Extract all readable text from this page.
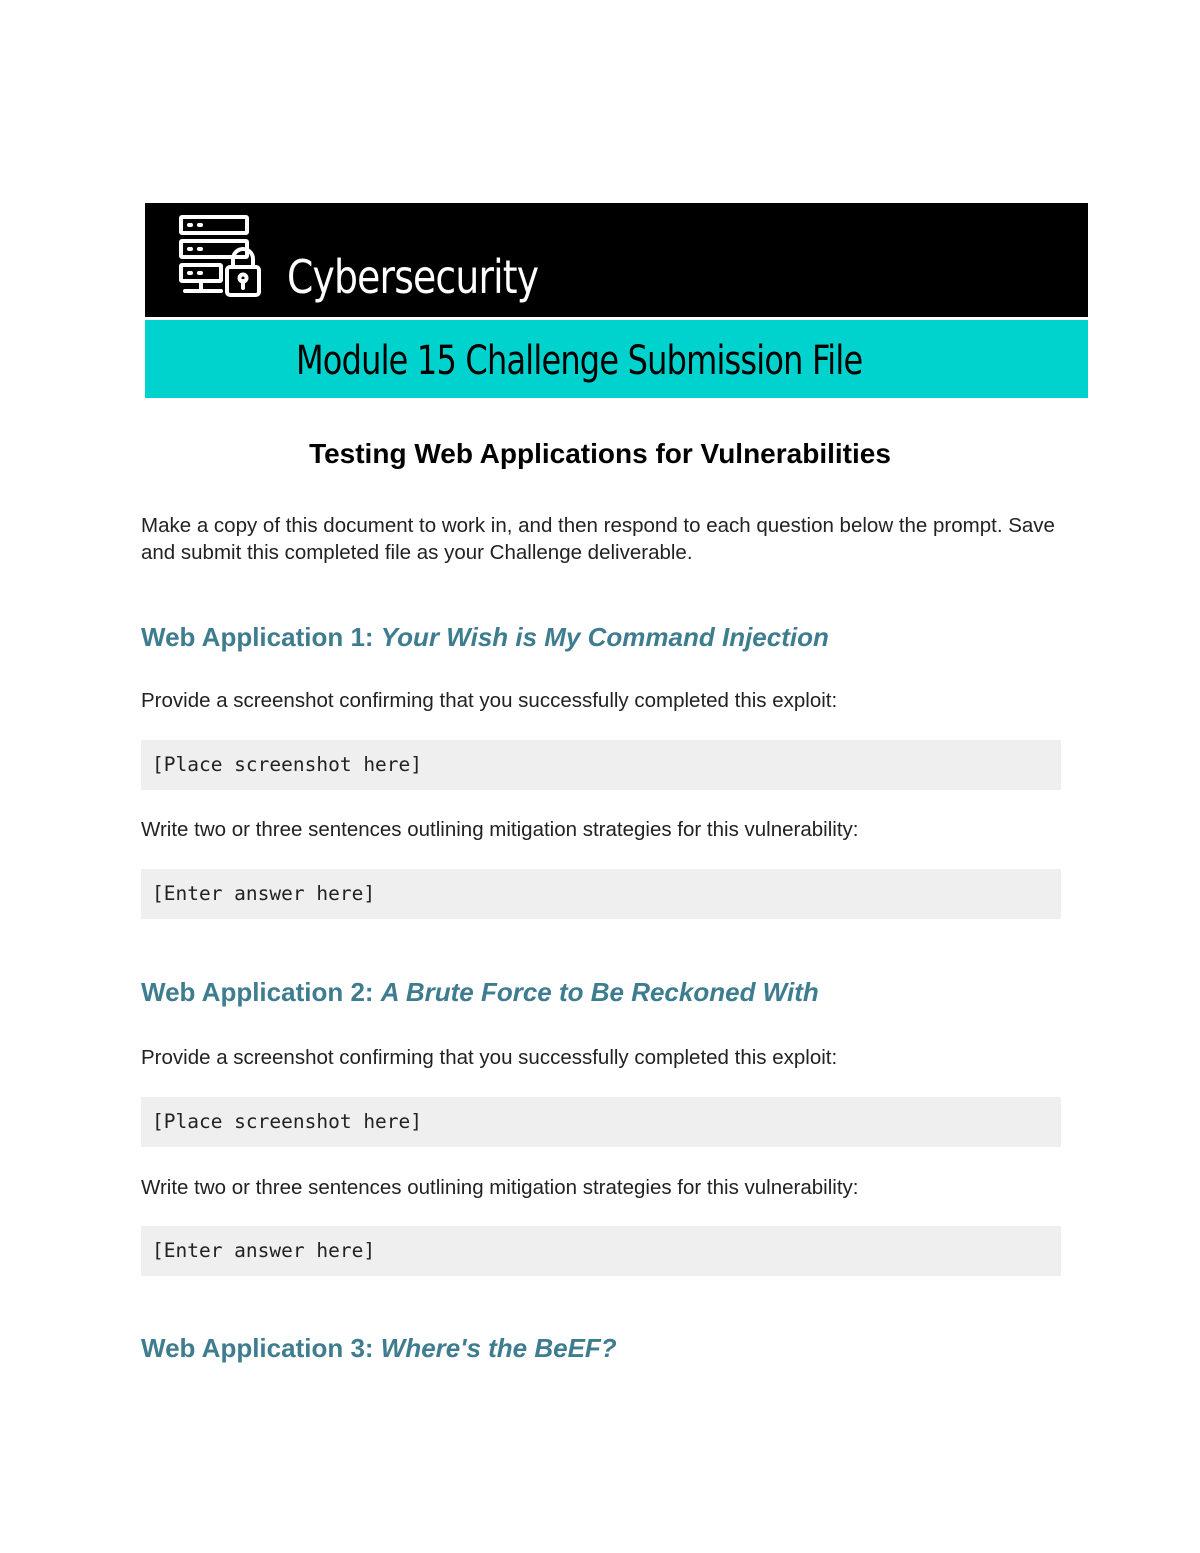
Cybersecurity
Module 15 Challenge Submission File
Testing Web Applications for Vulnerabilities
Make a copy of this document to work in, and then respond to each question below the prompt. Save and submit this completed file as your Challenge deliverable.
Web Application 1: Your Wish is My Command Injection
Provide a screenshot confirming that you successfully completed this exploit:
[Place screenshot here]
Write two or three sentences outlining mitigation strategies for this vulnerability:
[Enter answer here]
Web Application 2: A Brute Force to Be Reckoned With
Provide a screenshot confirming that you successfully completed this exploit:
[Place screenshot here]
Write two or three sentences outlining mitigation strategies for this vulnerability:
[Enter answer here]
Web Application 3: Where's the BeEF?
